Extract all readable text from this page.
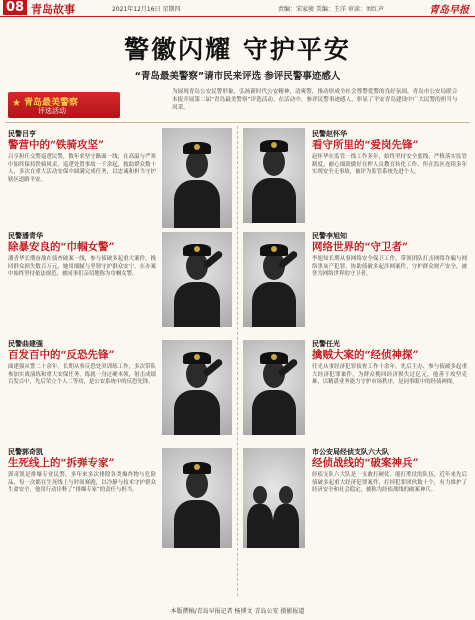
08 青岛故事	2021年12月16日 星期四	责编：宋家骏 美编：王洋 审读：刘红声	青岛早报
警徽闪耀 守护平安
“青岛最美警察”请市民来评选 参评民警事迹感人
★ 青岛最美警察
评选活动
为展现青岛公安民警形象，弘扬新时代公安精神，清爽警，推动形成全社会尊警爱警的良好氛围，青岛市公安局联合本报开展第二届“青岛最美警察”评选活动。在活动中，参评民警事迹感人，彰显了平安青岛建设中广大民警的担当与风采。
民警吕亨
警营中的“铁骑攻坚”
吕亨担任交警巡逻民警，数年来坚守路面一线，在高温与严寒中始终保持铁骑风采，巡逻处置事故一千余起，救助群众数十人，多次在重大活动安保中圆满完成任务，以忠诚和担当守护辖区道路平安。
民警潘青华
除暴安良的“巾帼女警”
潘青华长期奋战在侦查破案一线，参与侦破多起重大案件，挽回群众损失数百万元，她用细腻与坚韧守护群众安宁，在办案中始终坚持依法规范，被同事们亲切地称为巾帼女警。
民警曲建强
百发百中的“反恐先锋”
曲建强从警二十余年，长期从事反恐处突训练工作，多次带队参加实战演练和重大安保任务，练就一身过硬本领，射击成绩百发百中，先后荣立个人二等功，是公安系统中的反恐先锋。
民警郭奇凯
生死线上的“拆弹专家”
郭奇凯是排爆专业民警，多年来多次排除各类爆炸物与危险品，每一次都在生死线上与时间赛跑，以冷静与技术守护群众生命安全，他用行动诠释了“排爆专家”的责任与担当。
民警赵怀华
看守所里的“爱岗先锋”
赵怀华在监管一线工作多年，始终坚持安全底线，严格落实监管制度，耐心细致做好在押人员教育转化工作，所在监区连续多年实现安全无事故，被评为监管系统先进个人。
民警李旭知
网络世界的“守卫者”
李旭知长期从事网络安全保卫工作，带领团队打击网络诈骗与网络黑灰产犯罪，协助侦破多起涉网案件，守护群众财产安全，被誉为网络世界的守卫者。
民警任光
擒贼大案的“经侦神探”
任光从事经济犯罪侦查工作十余年，先后主办、参与侦破多起重大经济犯罪案件，为群众挽回经济损失过亿元，他善于攻坚克难，以精湛业务能力守护市场秩序，是同事眼中的经侦神探。
市公安局经侦支队六大队
经侦战线的“破案神兵”
经侦支队六大队是一支敢打硬仗、能打胜仗的队伍，近年来先后侦破多起重大经济犯罪案件，打掉犯罪团伙数十个，有力维护了经济安全和社会稳定，被称为经侦战线的破案神兵。
本版撰稿/青岛早报记者 杨博文 青岛公安 摄影报道
